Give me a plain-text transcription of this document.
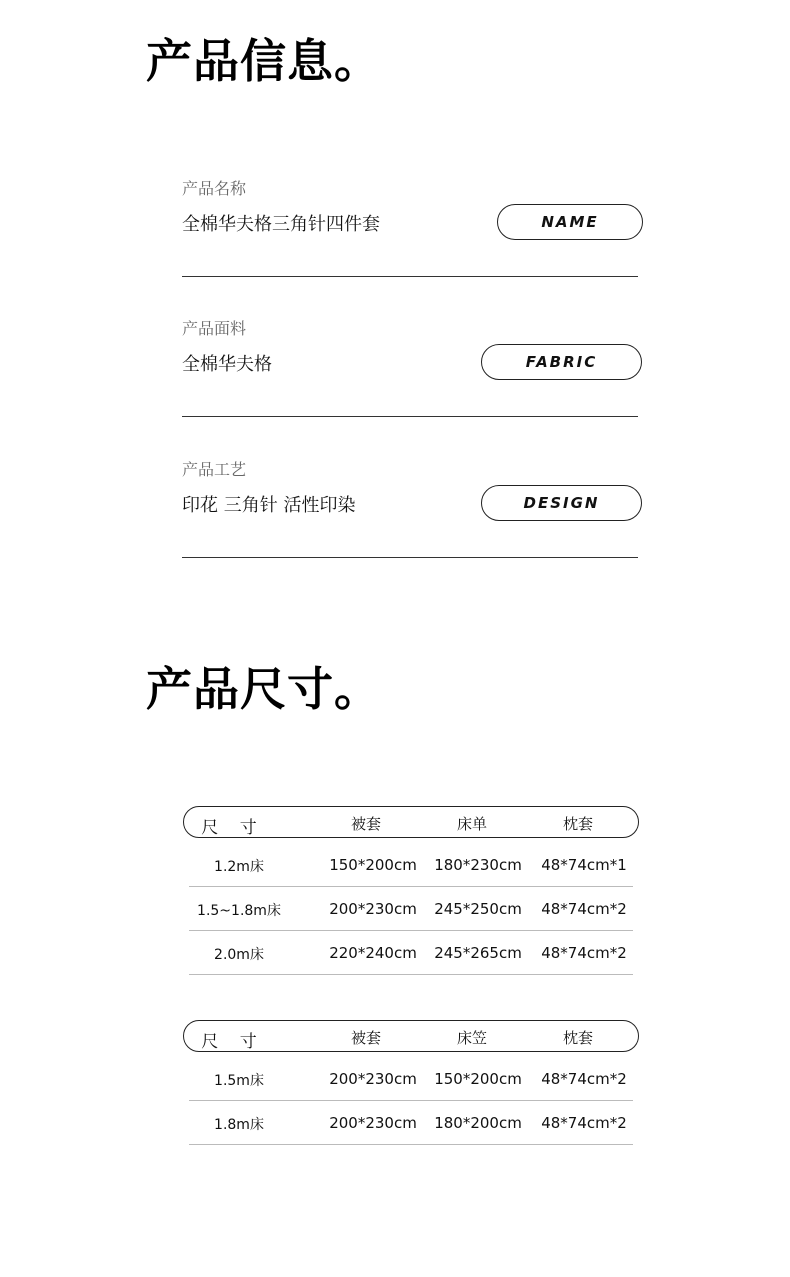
产品信息。
产品名称
全棉华夫格三角针四件套	NAME
产品面料
全棉华夫格	FABRIC
产品工艺
印花 三角针 活性印染	DESIGN
产品尺寸。
尺 寸	被套	床单	枕套
1.2m床	150*200cm	180*230cm	48*74cm*1
1.5~1.8m床	200*230cm	245*250cm	48*74cm*2
2.0m床	220*240cm	245*265cm	48*74cm*2
尺 寸	被套	床笠	枕套
1.5m床	200*230cm	150*200cm	48*74cm*2
1.8m床	200*230cm	180*200cm	48*74cm*2
